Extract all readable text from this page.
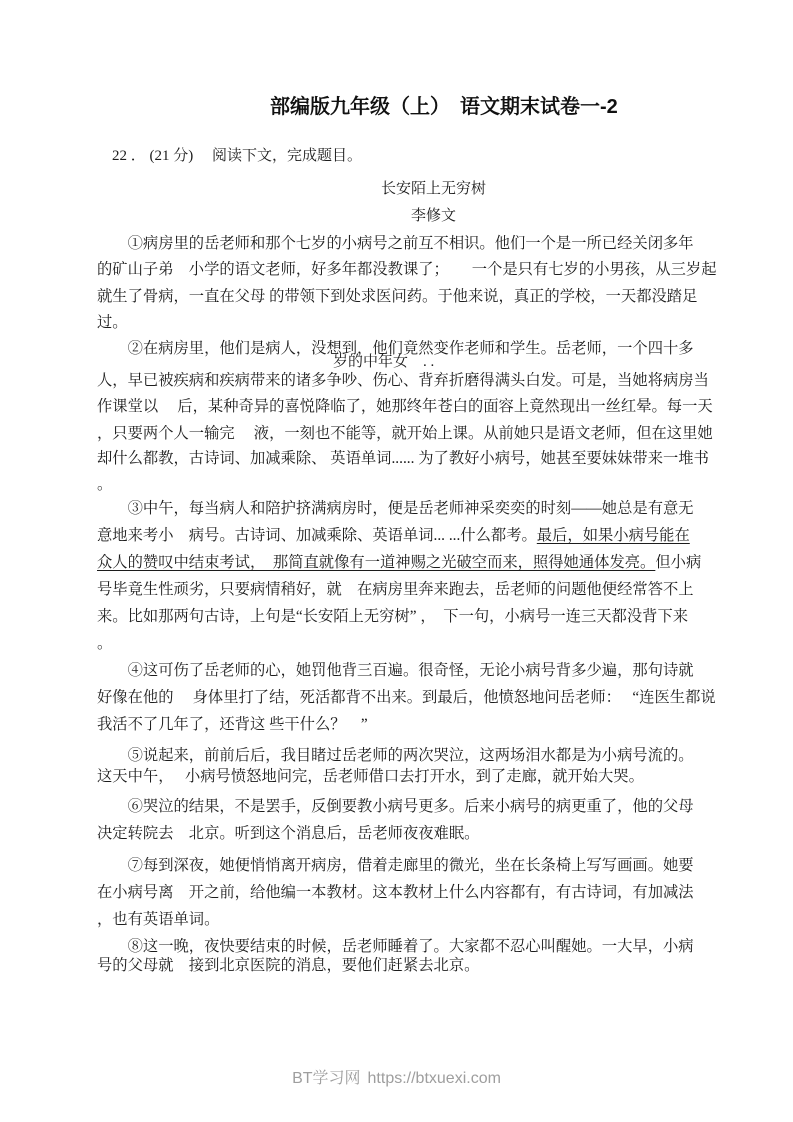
部编版九年级（上）　语文期末试卷一-2
22 ． (21 分)　 阅读下文，完成题目。
长安陌上无穷树
李修文
　　①病房里的岳老师和那个七岁的小病号之前互不相识。他们一个是一所已经关闭多年
的矿山子弟　小学的语文老师，好多年都没教课了；　　一个是只有七岁的小男孩，从三岁起
就生了骨病，一直在父母 的带领下到处求医问药。于他来说，真正的学校，一天都没踏足
过。
　　②在病房里，他们是病人，没想到，他们竟然变作老师和学生。岳老师，一个四十多
岁的中年女　. .
人，早已被疾病和疾病带来的诸多争吵、伤心、背弃折磨得满头白发。可是，当她将病房当
作课堂以　 后，某种奇异的喜悦降临了，她那终年苍白的面容上竟然现出一丝红晕。每一天
，只要两个人一输完　 液，一刻也不能等，就开始上课。从前她只是语文老师，但在这里她
却什么都教，古诗词、加减乘除、 英语单词...... 为了教好小病号，她甚至要妹妹带来一堆书
。
　　③中午，每当病人和陪护挤满病房时，便是岳老师神采奕奕的时刻——她总是有意无
意地来考小　病号。古诗词、加减乘除、英语单词... ...什么都考。最后，如果小病号能在
众人的赞叹中结束考试，　那简直就像有一道神赐之光破空而来，照得她通体发亮。但小病
号毕竟生性顽劣，只要病情稍好，就　在病房里奔来跑去，岳老师的问题他便经常答不上
来。比如那两句古诗，上句是“长安陌上无穷树” ，　下一句，小病号一连三天都没背下来
。
　　④这可伤了岳老师的心，她罚他背三百遍。很奇怪，无论小病号背多少遍，那句诗就
好像在他的　 身体里打了结，死活都背不出来。到最后，他愤怒地问岳老师：　 “连医生都说
我活不了几年了，还背这 些干什么？　”
　　⑤说起来，前前后后，我目睹过岳老师的两次哭泣，这两场泪水都是为小病号流的。
这天中午，　 小病号愤怒地问完，岳老师借口去打开水，到了走廊，就开始大哭。
　　⑥哭泣的结果，不是罢手，反倒要教小病号更多。后来小病号的病更重了，他的父母
决定转院去　北京。听到这个消息后，岳老师夜夜难眠。
　　⑦每到深夜，她便悄悄离开病房，借着走廊里的微光，坐在长条椅上写写画画。她要
在小病号离　开之前，给他编一本教材。这本教材上什么内容都有，有古诗词，有加减法
，也有英语单词。
　　⑧这一晚，夜快要结束的时候，岳老师睡着了。大家都不忍心叫醒她。一大早，小病
号的父母就　接到北京医院的消息，要他们赶紧去北京。
BT学习网 https://btxuexi.com
